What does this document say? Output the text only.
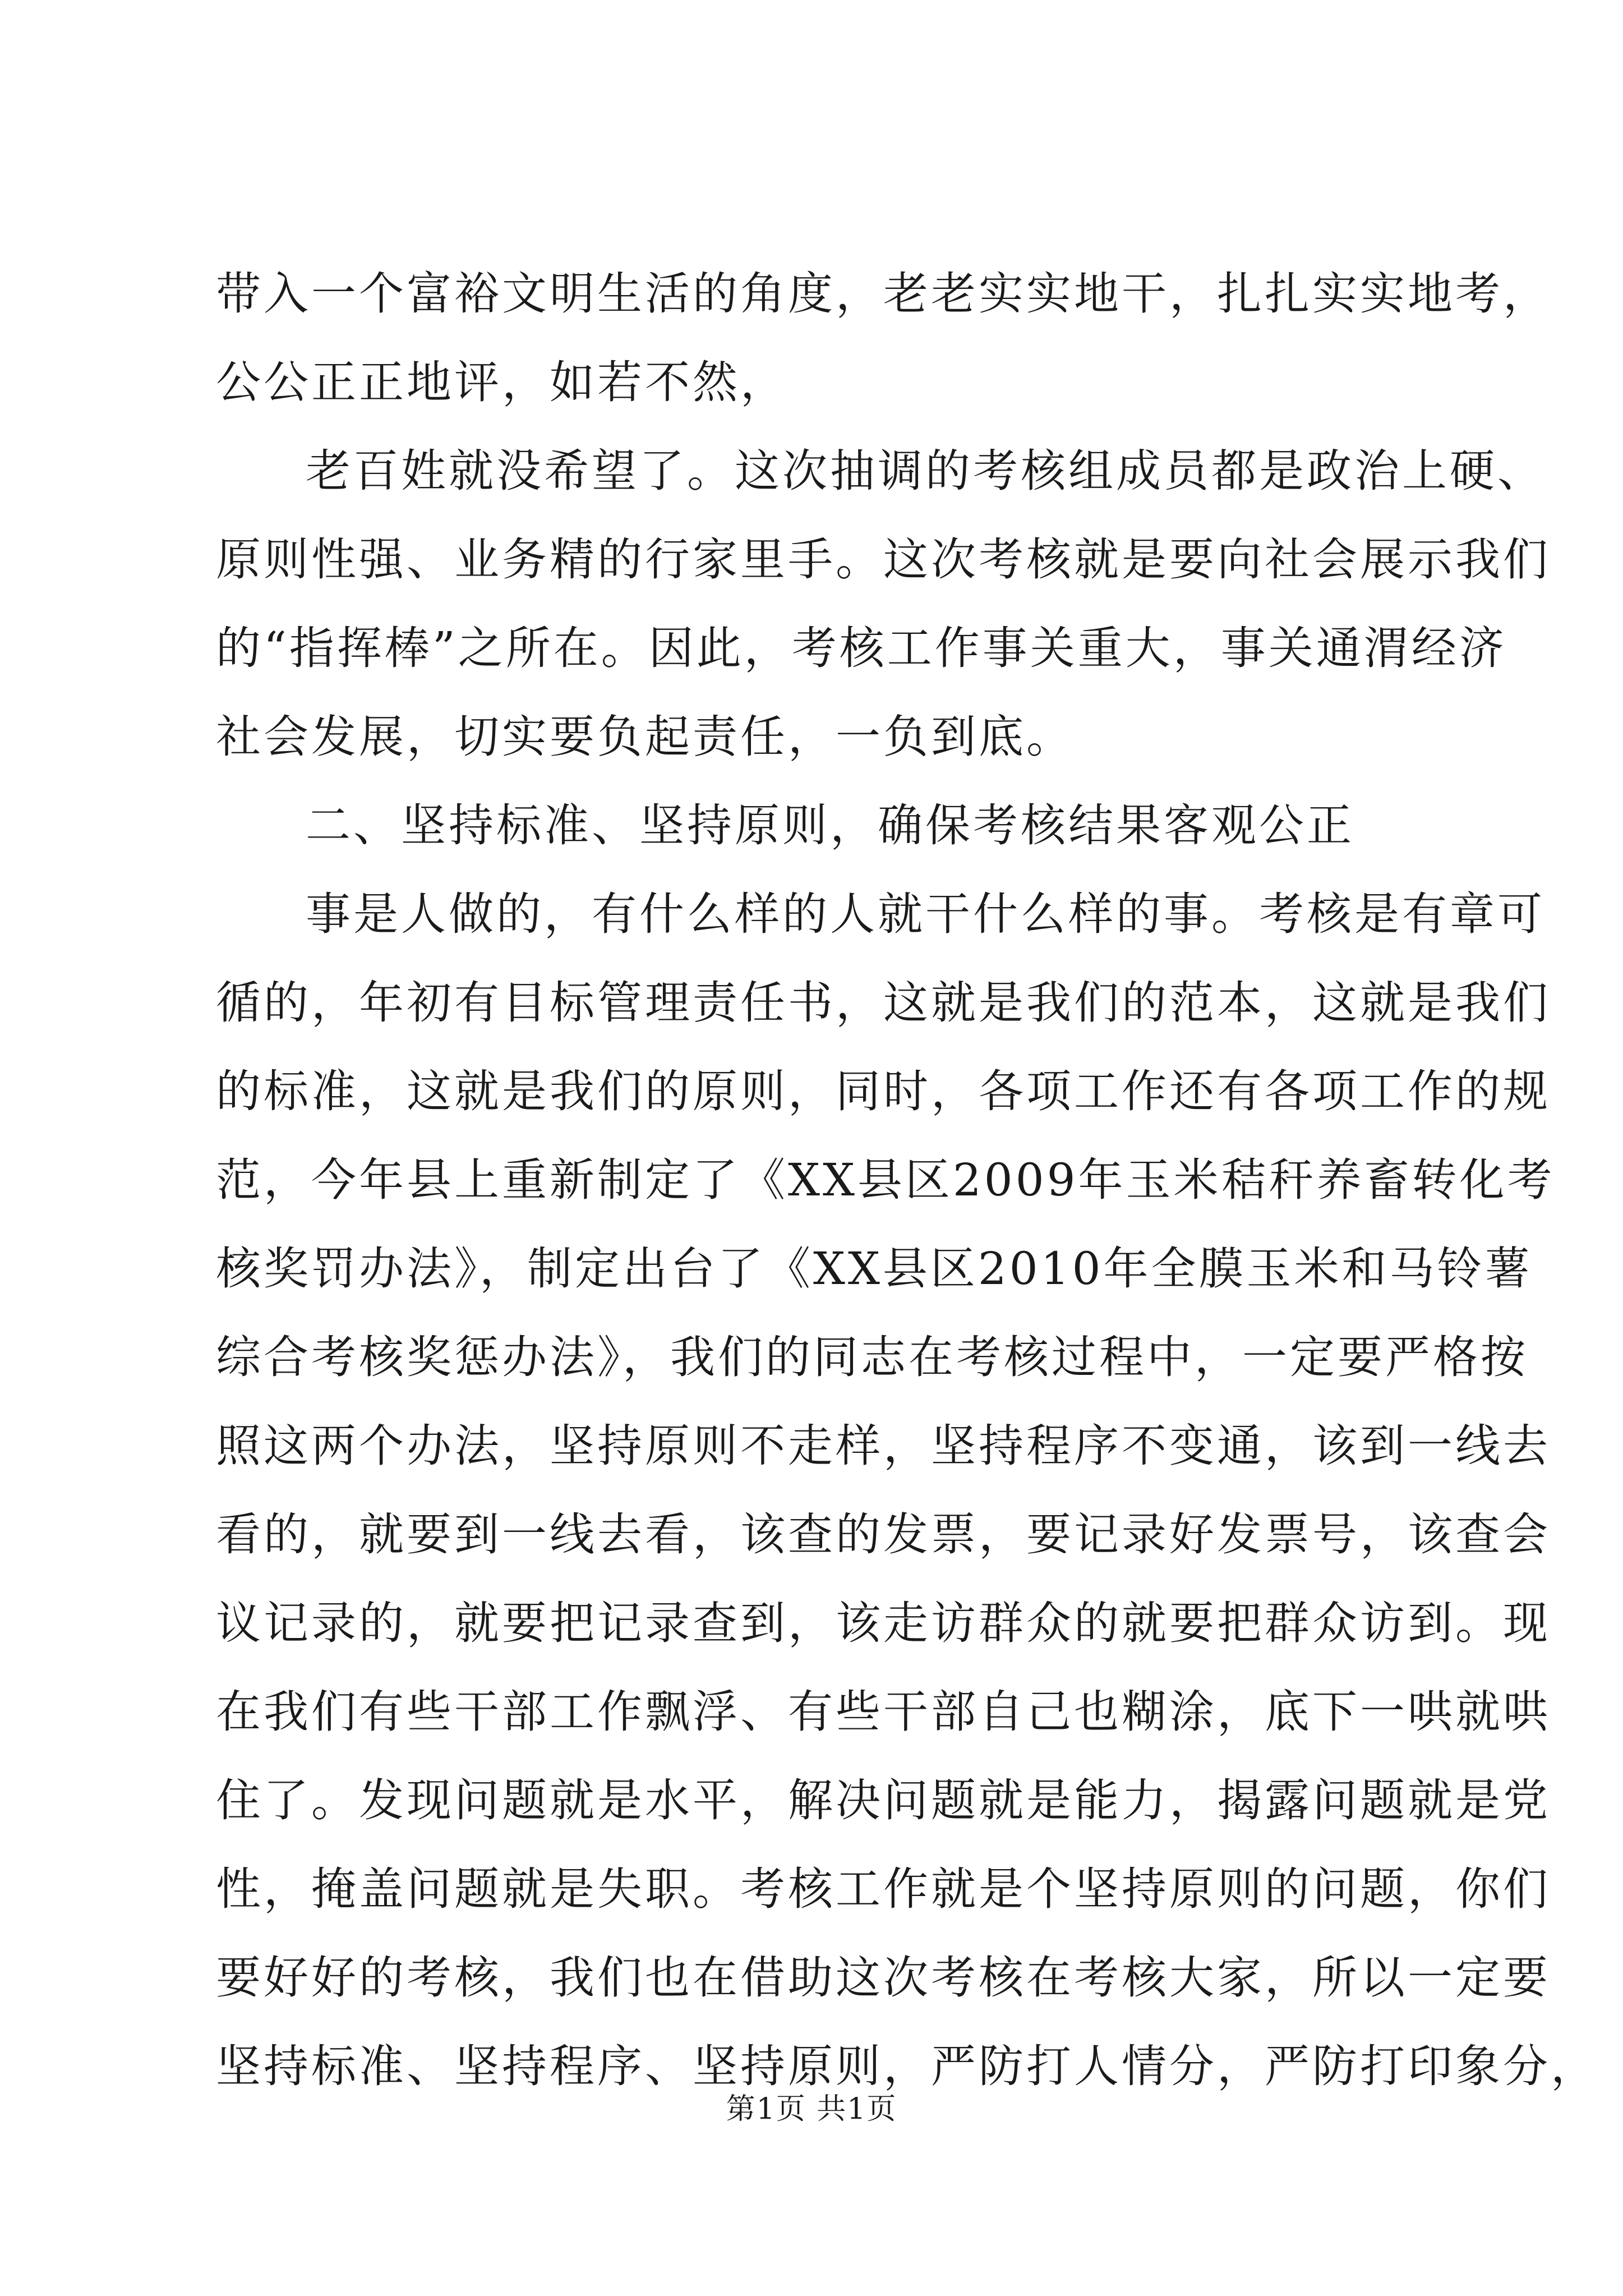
带入一个富裕文明生活的角度，老老实实地干，扎扎实实地考，
公公正正地评，如若不然，
老百姓就没希望了。这次抽调的考核组成员都是政治上硬、
原则性强、业务精的行家里手。这次考核就是要向社会展示我们
的“指挥棒”之所在。因此，考核工作事关重大，事关通渭经济
社会发展，切实要负起责任，一负到底。
二、坚持标准、坚持原则，确保考核结果客观公正
事是人做的，有什么样的人就干什么样的事。考核是有章可
循的，年初有目标管理责任书，这就是我们的范本，这就是我们
的标准，这就是我们的原则，同时，各项工作还有各项工作的规
范，今年县上重新制定了《XX县区2009年玉米秸秆养畜转化考
核奖罚办法》，制定出台了《XX县区2010年全膜玉米和马铃薯
综合考核奖惩办法》，我们的同志在考核过程中，一定要严格按
照这两个办法，坚持原则不走样，坚持程序不变通，该到一线去
看的，就要到一线去看，该查的发票，要记录好发票号，该查会
议记录的，就要把记录查到，该走访群众的就要把群众访到。现
在我们有些干部工作飘浮、有些干部自己也糊涂，底下一哄就哄
住了。发现问题就是水平，解决问题就是能力，揭露问题就是党
性，掩盖问题就是失职。考核工作就是个坚持原则的问题，你们
要好好的考核，我们也在借助这次考核在考核大家，所以一定要
坚持标准、坚持程序、坚持原则，严防打人情分，严防打印象分，
第1页 共1页
